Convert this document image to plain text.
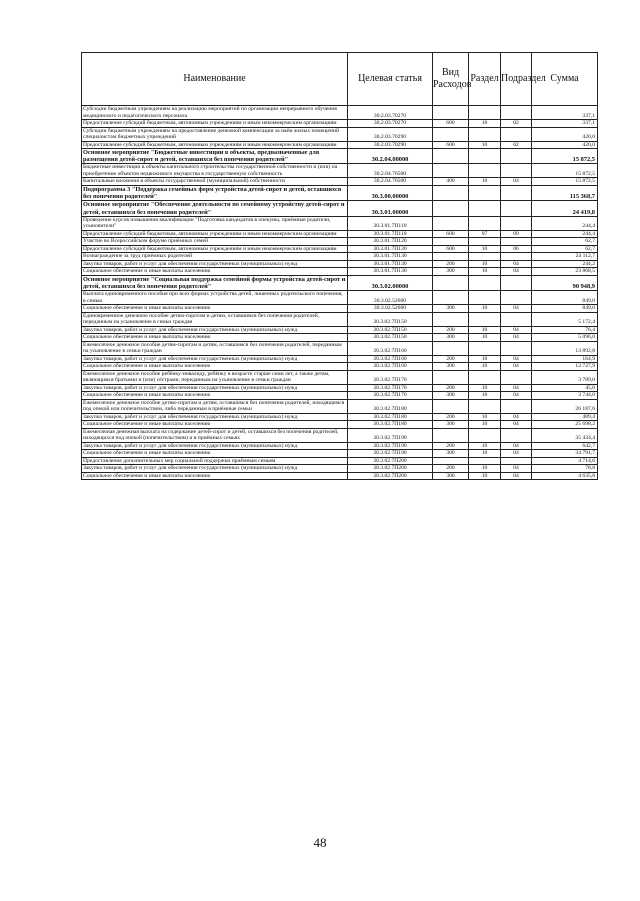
Наименование	Целевая статья	Вид Расходов	Раздел	Подраздел	Сумма
Субсидии бюджетным учреждениям на реализацию мероприятий по организации непрерывного обучения медицинского и педагогического персонала	30.2.03.70270				337,1
Предоставление субсидий бюджетным, автономным учреждениям и иным некоммерческим организациям	30.2.03.70270	600	10	02	337,1
Субсидии бюджетным учреждениям на предоставление денежной компенсации за наём жилых помещений специалистам бюджетных учреждений	30.2.03.70290				420,0
Предоставление субсидий бюджетным, автономным учреждениям и иным некоммерческим организациям	30.2.03.70290	600	10	02	420,0
Основное мероприятие "Бюджетные инвестиции в объекты, предназначенные для размещения детей-сирот и детей, оставшихся без попечения родителей"	30.2.04.00000				15 872,5
Бюджетные инвестиции в объекты капитального строительства государственной собственности и (или) на приобретение объектов недвижимого имущества в государственную собственность	30.2.04.70500				15 872,5
Капитальные вложения в объекты государственной (муниципальной) собственности	30.2.04.70500	400	10	04	15 872,5
Подпрограмма 3 "Поддержка семейных форм устройства детей-сирот и детей, оставшихся без попечения родителей"	30.3.00.00000				115 368,7
Основное мероприятие "Обеспечение деятельности по семейному устройству детей-сирот и детей, оставшихся без попечения родителей"	30.3.01.00000				24 419,8
Проведение курсов повышения квалификации "Подготовка кандидатов в опекуны, приёмные родители, усыновители"	30.3.01.7П110				244,4
Предоставление субсидий бюджетным, автономным учреждениям и иным некоммерческим организациям	30.3.01.7П110	600	07	09	244,4
Участие во Всероссийском форуме приёмных семей	30.3.01.7П120				62,7
Предоставление субсидий бюджетным, автономным учреждениям и иным некоммерческим организациям	30.3.01.7П120	600	10	06	62,7
Вознаграждение за труд приёмных родителей	30.3.01.7П130				24 112,7
Закупка товаров, работ и услуг для обеспечения государственных (муниципальных) нужд	30.3.01.7П130	200	10	04	244,2
Социальное обеспечение и иные выплаты населению	30.3.01.7П130	300	10	04	23 868,5
Основное мероприятие "Социальная поддержка семейной формы устройства детей-сирот и детей, оставшихся без попечения родителей"	30.3.02.00000				90 948,9
Выплата единовременного пособия при всех формах устройства детей, лишенных родительского попечения, в семью	30.3.02.52600				849,0
Социальное обеспечение и иные выплаты населению	30.3.02.52600	300	10	04	849,0
Единовременное денежное пособие детям-сиротам и детям, оставшимся без попечения родителей, переданным на усыновление в семьи граждан	30.3.02.7П150				5 172,4
Закупка товаров, работ и услуг для обеспечения государственных (муниципальных) нужд	30.3.02.7П150	200	10	04	76,4
Социальное обеспечение и иные выплаты населению	30.3.02.7П150	300	10	04	5 096,0
Ежемесячное денежное пособие детям-сиротам и детям, оставшимся без попечения родителей, переданным на усыновление в семьи граждан	30.3.02.7П160				13 892,8
Закупка товаров, работ и услуг для обеспечения государственных (муниципальных) нужд	30.3.02.7П160	200	10	04	164,9
Социальное обеспечение и иные выплаты населению	30.3.02.7П160	300	10	04	13 727,9
Ежемесячное денежное пособие ребёнку-инвалиду, ребёнку в возрасте старше семи лет, а также детям, являющимся братьями и (или) сёстрами, переданным на усыновление в семьи граждан	30.3.02.7П170				3 789,0
Закупка товаров, работ и услуг для обеспечения государственных (муниципальных) нужд	30.3.02.7П170	200	10	04	45,0
Социальное обеспечение и иные выплаты населению	30.3.02.7П170	300	10	04	3 744,0
Ежемесячное денежное пособие детям-сиротам и детям, оставшимся без попечения родителей, находящимся под опекой или попечительством, либо переданным в приёмные семьи	30.3.02.7П180				26 187,6
Закупка товаров, работ и услуг для обеспечения государственных (муниципальных) нужд	30.3.02.7П180	200	10	04	489,4
Социальное обеспечение и иные выплаты населению	30.3.02.7П180	300	10	04	25 698,2
Ежемесячная денежная выплата на содержание детей-сирот и детей, оставшихся без попечения родителей, находящихся под опекой (попечительством) и в приёмных семьях	30.3.02.7П190				35 434,4
Закупка товаров, работ и услуг для обеспечения государственных (муниципальных) нужд	30.3.02.7П190	200	10	04	642,7
Социальное обеспечение и иные выплаты населению	30.3.02.7П190	300	10	04	34 791,7
Предоставление дополнительных мер социальной поддержки приёмным семьям	30.3.02.7П200				4 714,6
Закупка товаров, работ и услуг для обеспечения государственных (муниципальных) нужд	30.3.02.7П200	200	10	04	78,8
Социальное обеспечение и иные выплаты населению	30.3.02.7П200	300	10	04	4 635,8
48
